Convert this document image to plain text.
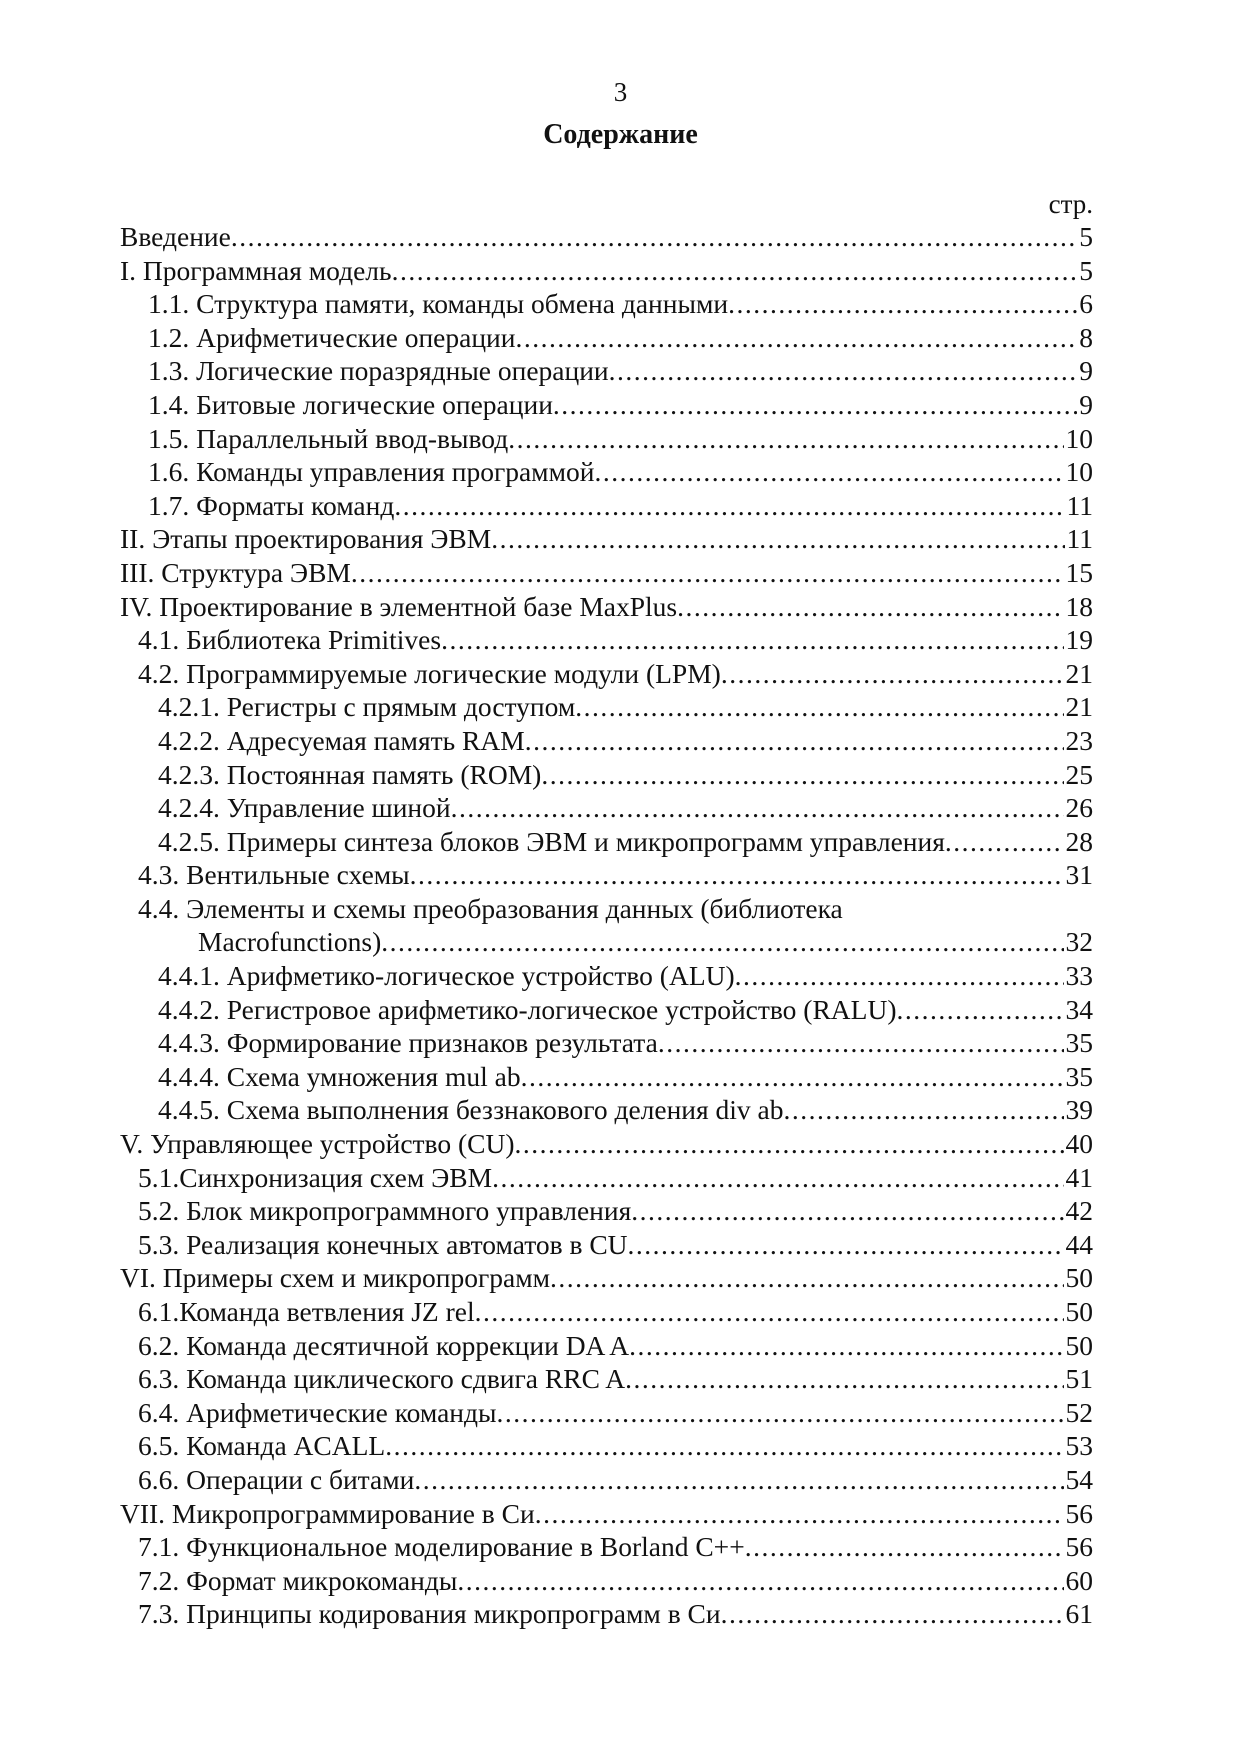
3
Содержание
стр.
Введение .....	5
I. Программная модель .....	5
1.1. Структура памяти, команды обмена данными .....	6
1.2. Арифметические операции .....	8
1.3. Логические поразрядные операции .....	9
1.4. Битовые логические операции .....	9
1.5. Параллельный ввод-вывод .....	10
1.6. Команды управления программой .....	10
1.7. Форматы команд .....	11
II. Этапы проектирования ЭВМ .....	11
III. Структура ЭВМ .....	15
IV. Проектирование в элементной базе MaxPlus .....	18
4.1. Библиотека Primitives .....	19
4.2. Программируемые логические модули (LPM) .....	21
4.2.1. Регистры с прямым доступом .....	21
4.2.2. Адресуемая память RAM .....	23
4.2.3. Постоянная память (ROM) .....	25
4.2.4. Управление шиной .....	26
4.2.5. Примеры синтеза блоков ЭВМ и микропрограмм управления .....	28
4.3. Вентильные схемы .....	31
4.4. Элементы и схемы преобразования данных (библиотека
Macrofunctions) .....	32
4.4.1. Арифметико-логическое устройство (ALU) .....	33
4.4.2. Регистровое арифметико-логическое устройство (RALU) .....	34
4.4.3. Формирование признаков результата .....	35
4.4.4. Схема умножения mul ab .....	35
4.4.5. Схема выполнения беззнакового деления div ab .....	39
V. Управляющее устройство (CU) .....	40
5.1.Синхронизация схем ЭВМ .....	41
5.2. Блок микропрограммного управления .....	42
5.3. Реализация конечных автоматов в CU .....	44
VI. Примеры схем и микропрограмм .....	50
6.1.Команда ветвления JZ rel .....	50
6.2. Команда десятичной коррекции DA A .....	50
6.3. Команда циклического сдвига RRC A .....	51
6.4. Арифметические команды .....	52
6.5. Команда ACALL .....	53
6.6. Операции с битами .....	54
VII. Микропрограммирование в Си .....	56
7.1. Функциональное моделирование в Borland C++ .....	56
7.2. Формат микрокоманды .....	60
7.3. Принципы кодирования микропрограмм в Си .....	61
